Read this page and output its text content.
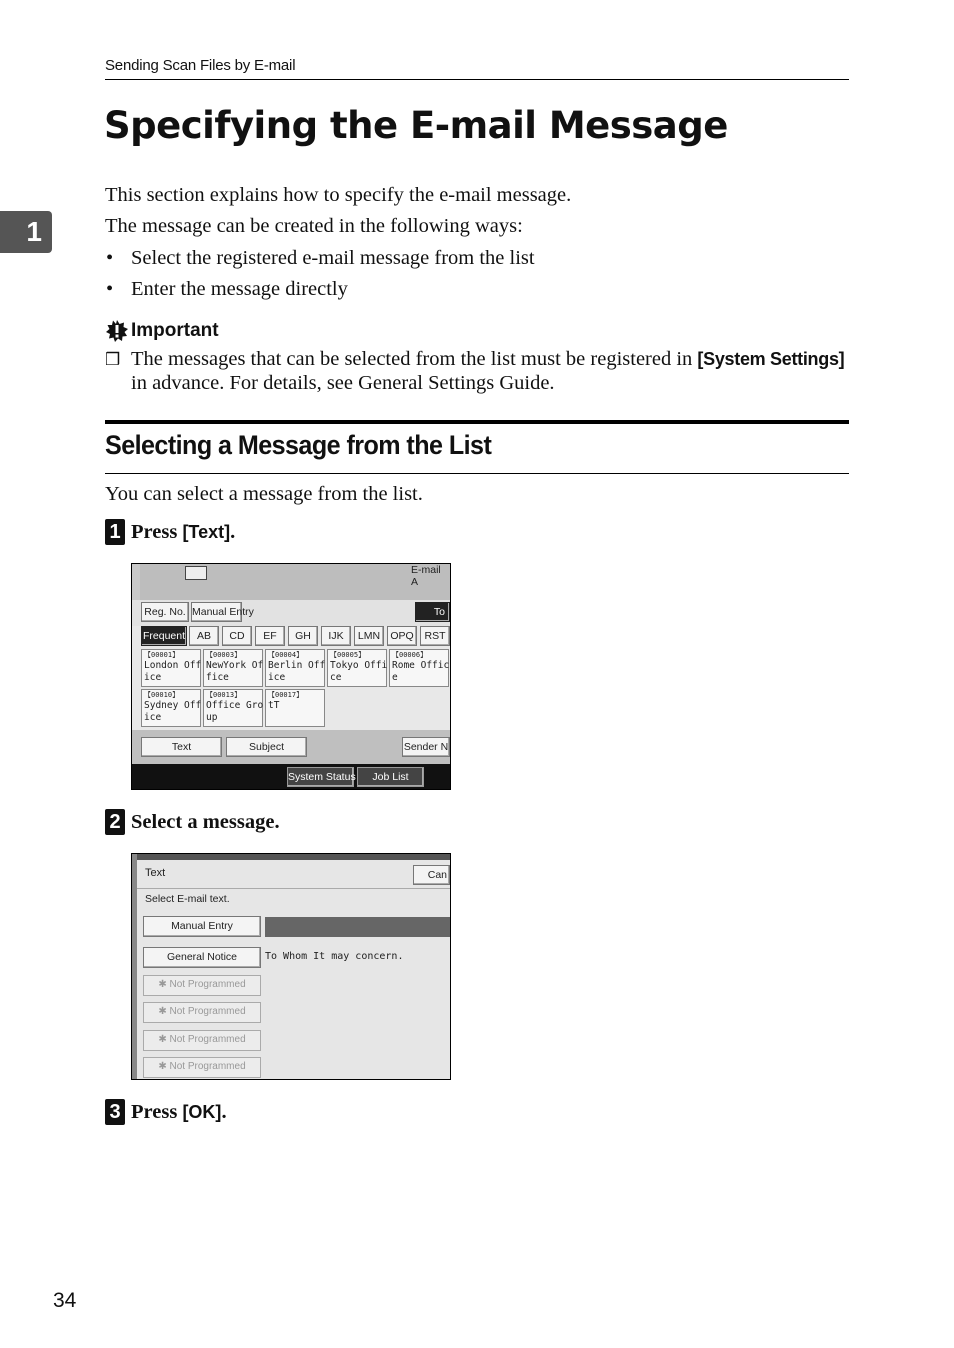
Sending Scan Files by E-mail
Specifying the E-mail Message
1
This section explains how to specify the e-mail message.
The message can be created in the following ways:
• Select the registered e-mail message from the list
• Enter the message directly
Important
❒ The messages that can be selected from the list must be registered in [System Settings] in advance. For details, see General Settings Guide.
Selecting a Message from the List
You can select a message from the list.
1 Press [Text].
E-mail A
Reg. No. Manual Entry	To
Frequent	AB	CD	EF	GH	IJK	LMN OPQ	RST
【00001】
London Off
ice
【00003】
NewYork Of
fice
【00004】
Berlin Off
ice
【00005】
Tokyo Offi
ce
【00006】
Rome Offic
e
【00010】
Sydney Off
ice
【00013】
Office Gro
up
【00017】
tT
Text	Subject	Sender N
System Status	Job List
2 Select a message.
Text	Can
Select E-mail text.
Manual Entry
General Notice	To Whom It may concern.
✱ Not Programmed
✱ Not Programmed
✱ Not Programmed
✱ Not Programmed
3 Press [OK].
34
